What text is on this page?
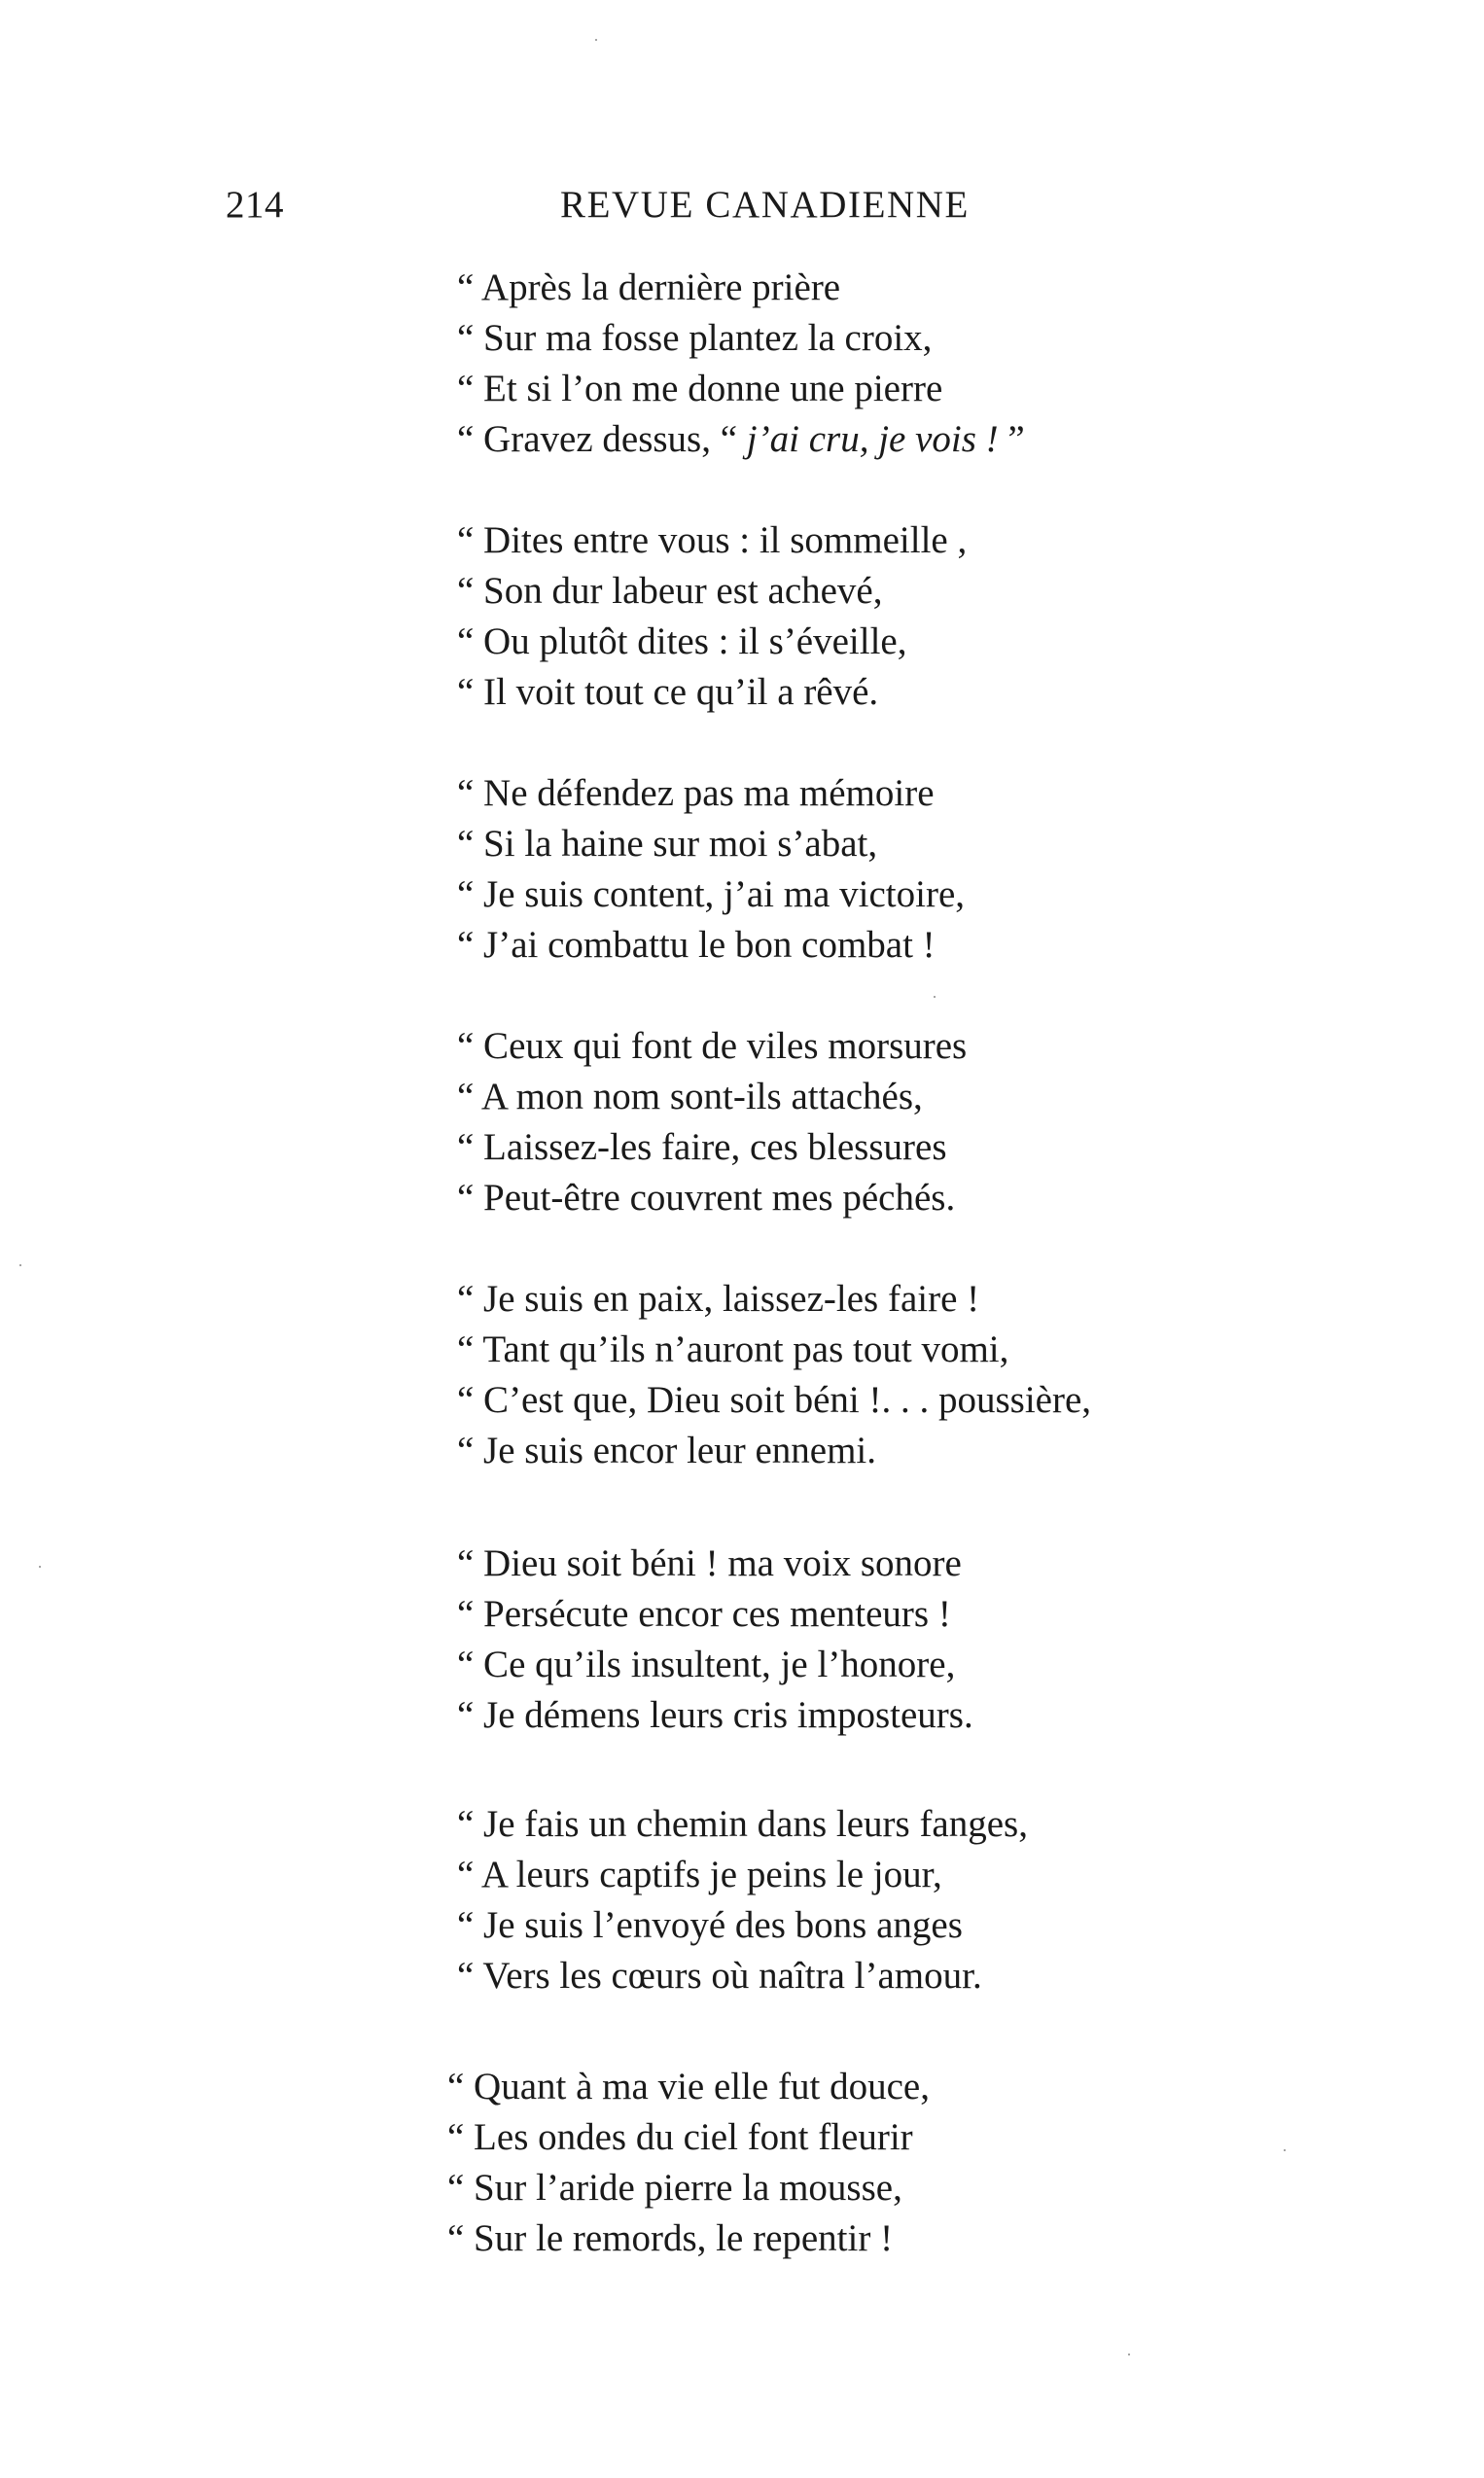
214	REVUE CANADIENNE
“ Après la dernière prière
“ Sur ma fosse plantez la croix,
“ Et si l’on me donne une pierre
“ Gravez dessus, “ j’ai cru, je vois ! ”
“ Dites entre vous : il sommeille ,
“ Son dur labeur est achevé,
“ Ou plutôt dites : il s’éveille,
“ Il voit tout ce qu’il a rêvé.
“ Ne défendez pas ma mémoire
“ Si la haine sur moi s’abat,
“ Je suis content, j’ai ma victoire,
“ J’ai combattu le bon combat !
“ Ceux qui font de viles morsures
“ A mon nom sont-ils attachés,
“ Laissez-les faire, ces blessures
“ Peut-être couvrent mes péchés.
“ Je suis en paix, laissez-les faire !
“ Tant qu’ils n’auront pas tout vomi,
“ C’est que, Dieu soit béni !. . . poussière,
“ Je suis encor leur ennemi.
“ Dieu soit béni ! ma voix sonore
“ Persécute encor ces menteurs !
“ Ce qu’ils insultent, je l’honore,
“ Je démens leurs cris imposteurs.
“ Je fais un chemin dans leurs fanges,
“ A leurs captifs je peins le jour,
“ Je suis l’envoyé des bons anges
“ Vers les cœurs où naîtra l’amour.
“ Quant à ma vie elle fut douce,
“ Les ondes du ciel font fleurir
“ Sur l’aride pierre la mousse,
“ Sur le remords, le repentir !
